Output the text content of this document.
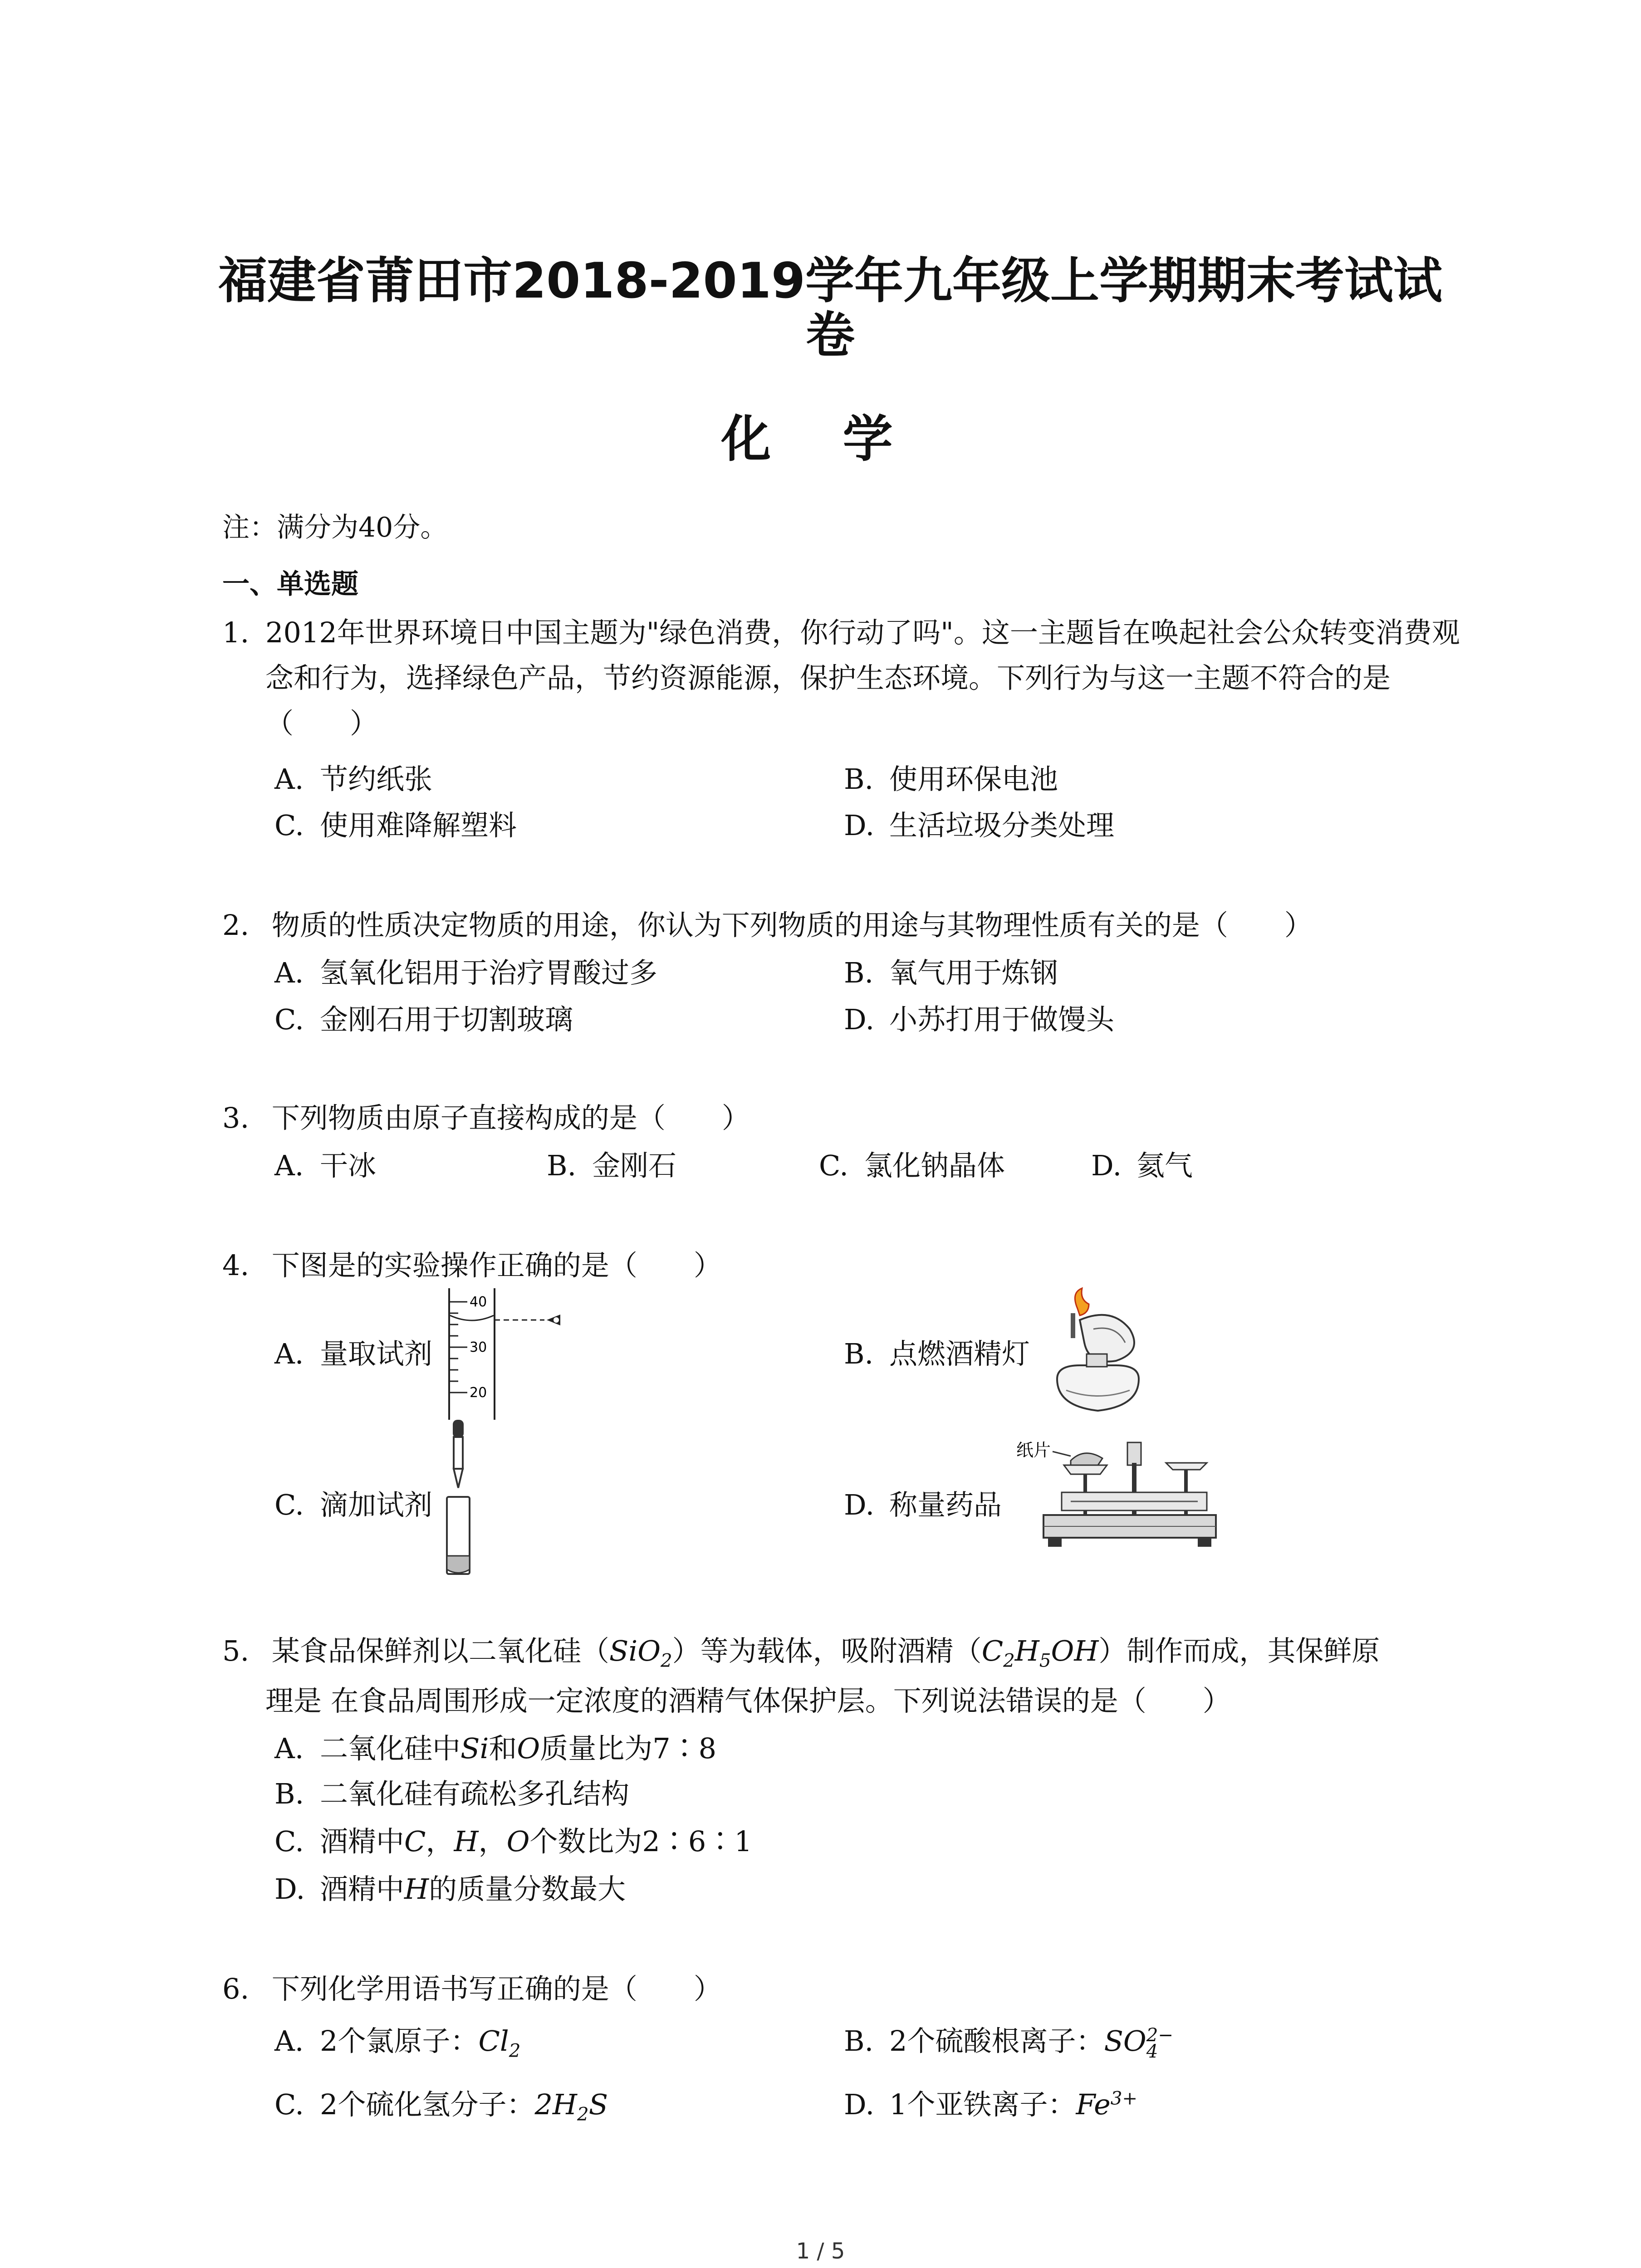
福建省莆田市2018-2019学年九年级上学期期末考试试
卷
化 学
注：满分为40分。
一、单选题
1. 2012年世界环境日中国主题为"绿色消费，你行动了吗"。这一主题旨在唤起社会公众转变消费观念和行为，选择绿色产品，节约资源能源，保护生态环境。下列行为与这一主题不符合的是（　　）
A. 节约纸张	B. 使用环保电池
C. 使用难降解塑料	D. 生活垃圾分类处理
2. 物质的性质决定物质的用途，你认为下列物质的用途与其物理性质有关的是（　　）
A. 氢氧化铝用于治疗胃酸过多	B. 氧气用于炼钢
C. 金刚石用于切割玻璃	D. 小苏打用于做馒头
3. 下列物质由原子直接构成的是（　　）
A. 干冰	B. 金刚石	C. 氯化钠晶体	D. 氦气
4. 下图是的实验操作正确的是（　　）
A. 量取试剂	B. 点燃酒精灯
C. 滴加试剂	D. 称量药品
40
30
20
纸片
5. 某食品保鲜剂以二氧化硅（SiO$_2$）等为载体，吸附酒精$(C_2H_5OH)$制作而成，其保鲜原
理是 在食品周围形成一定浓度的酒精气体保护层。下列说法错误的是（　　）
A. 二氧化硅中Si和O质量比为7∶8
B. 二氧化硅有疏松多孔结构
C. 酒精中C，H，O个数比为2∶6∶1
D. 酒精中H的质量分数最大
6. 下列化学用语书写正确的是（　　）
A. 2个氯原子：$Cl_2$	B. 2个硫酸根离子：SO 2−
4
C. 2个硫化氢分子：$2H_2S$	D. 1个亚铁离子：$Fe^{3+}$
1 / 5
